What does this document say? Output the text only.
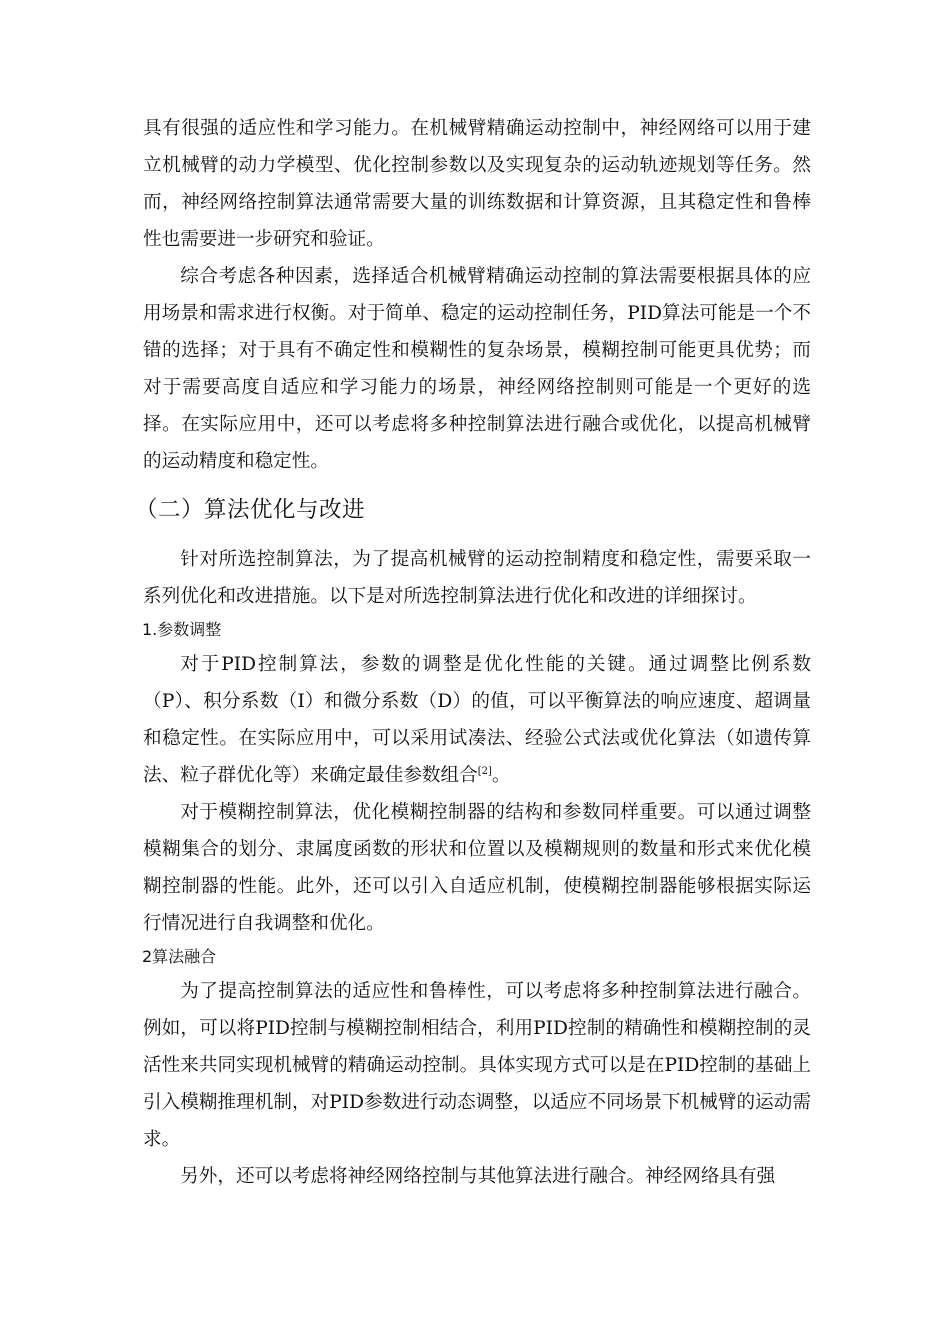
具有很强的适应性和学习能力。在机械臂精确运动控制中，神经网络可以用于建立机械臂的动力学模型、优化控制参数以及实现复杂的运动轨迹规划等任务。然而，神经网络控制算法通常需要大量的训练数据和计算资源，且其稳定性和鲁棒性也需要进一步研究和验证。

综合考虑各种因素，选择适合机械臂精确运动控制的算法需要根据具体的应用场景和需求进行权衡。对于简单、稳定的运动控制任务，PID算法可能是一个不错的选择；对于具有不确定性和模糊性的复杂场景，模糊控制可能更具优势；而对于需要高度自适应和学习能力的场景，神经网络控制则可能是一个更好的选择。在实际应用中，还可以考虑将多种控制算法进行融合或优化，以提高机械臂的运动精度和稳定性。

（二）算法优化与改进

针对所选控制算法，为了提高机械臂的运动控制精度和稳定性，需要采取一系列优化和改进措施。以下是对所选控制算法进行优化和改进的详细探讨。

1.参数调整

对于PID控制算法，参数的调整是优化性能的关键。通过调整比例系数（P）、积分系数（I）和微分系数（D）的值，可以平衡算法的响应速度、超调量和稳定性。在实际应用中，可以采用试凑法、经验公式法或优化算法（如遗传算法、粒子群优化等）来确定最佳参数组合[2]。

对于模糊控制算法，优化模糊控制器的结构和参数同样重要。可以通过调整模糊集合的划分、隶属度函数的形状和位置以及模糊规则的数量和形式来优化模糊控制器的性能。此外，还可以引入自适应机制，使模糊控制器能够根据实际运行情况进行自我调整和优化。

2算法融合

为了提高控制算法的适应性和鲁棒性，可以考虑将多种控制算法进行融合。例如，可以将PID控制与模糊控制相结合，利用PID控制的精确性和模糊控制的灵活性来共同实现机械臂的精确运动控制。具体实现方式可以是在PID控制的基础上引入模糊推理机制，对PID参数进行动态调整，以适应不同场景下机械臂的运动需求。

另外，还可以考虑将神经网络控制与其他算法进行融合。神经网络具有强
